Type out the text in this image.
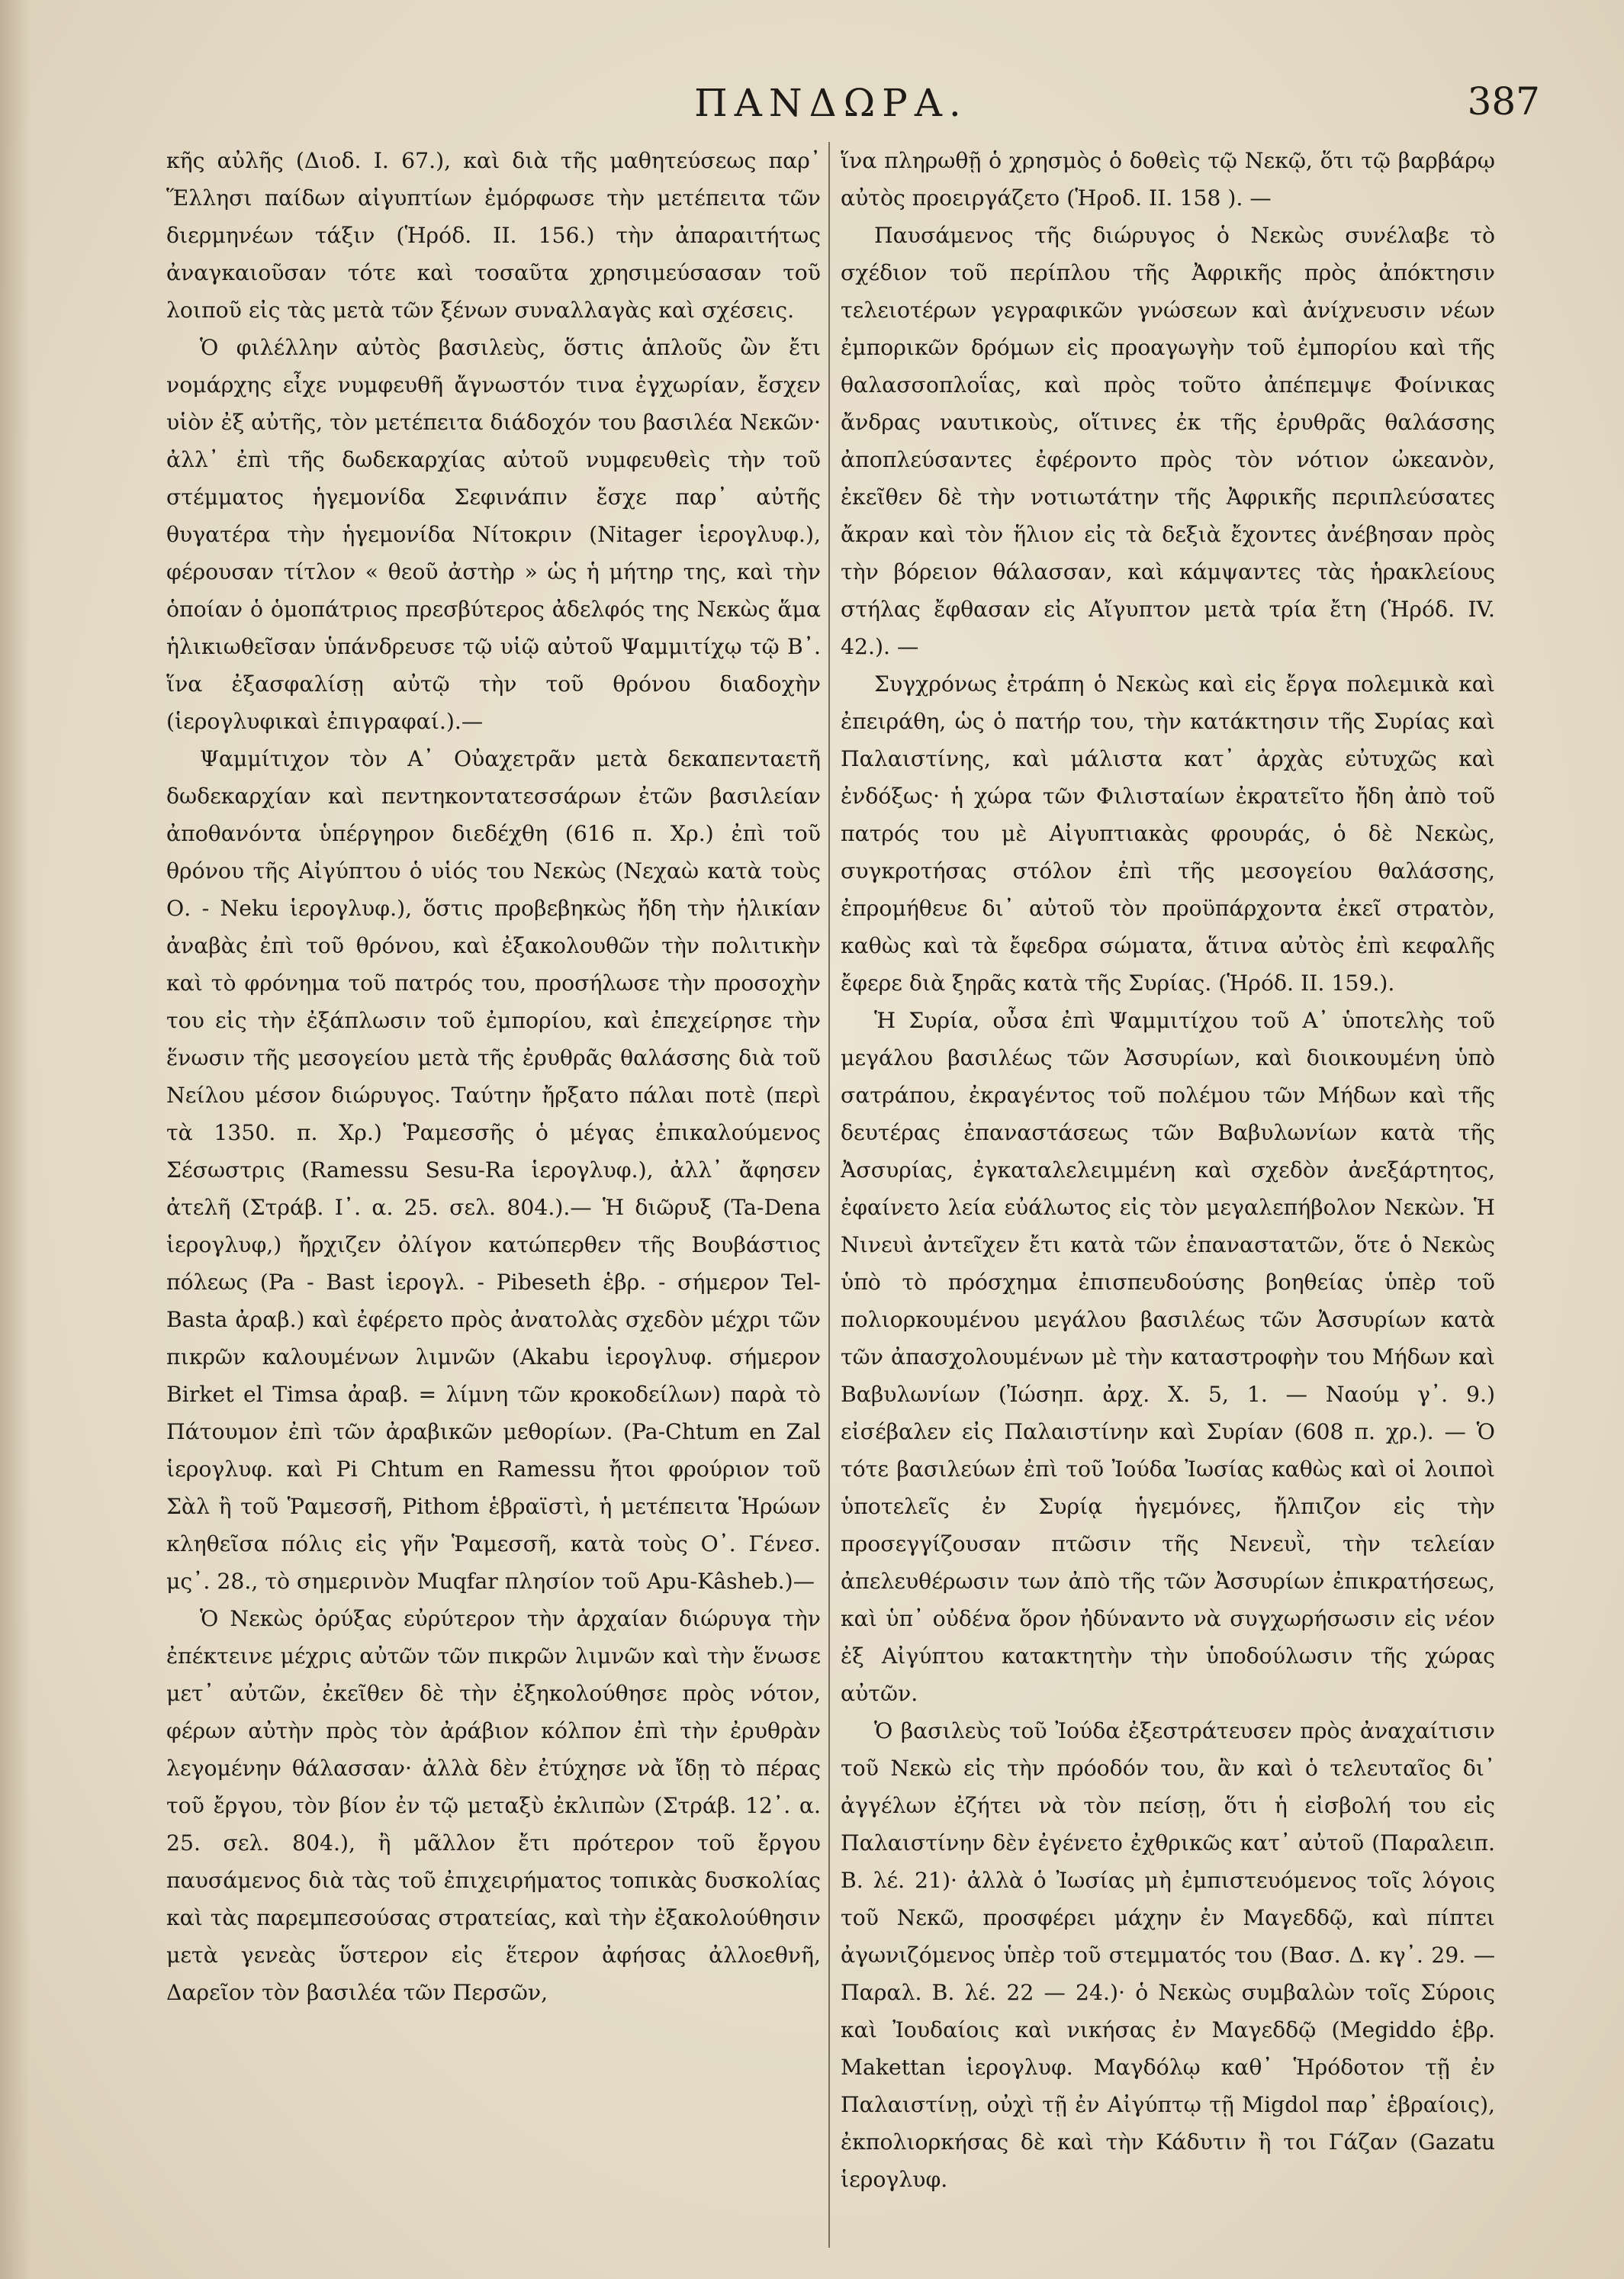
ΠΑΝΔΩΡΑ.	387

κῆς αὐλῆς (Διοδ. Ι. 67.), καὶ διὰ τῆς μαθητεύσεως παρ᾽ Ἕλλησι παίδων αἰγυπτίων ἐμόρφωσε τὴν μετέπειτα τῶν διερμηνέων τάξιν (Ἡρόδ. ΙΙ. 156.) τὴν ἀπαραιτήτως ἀναγκαιοῦσαν τότε καὶ τοσαῦτα χρησιμεύσασαν τοῦ λοιποῦ εἰς τὰς μετὰ τῶν ξένων συναλλαγὰς καὶ σχέσεις.

Ὁ φιλέλλην αὐτὸς βασιλεὺς, ὅστις ἁπλοῦς ὢν ἔτι νομάρχης εἶχε νυμφευθῆ ἄγνωστόν τινα ἐγχωρίαν, ἔσχεν υἱὸν ἐξ αὐτῆς, τὸν μετέπειτα διάδοχόν του βασιλέα Νεκῶν· ἀλλ᾽ ἐπὶ τῆς δωδεκαρχίας αὐτοῦ νυμφευθεὶς τὴν τοῦ στέμματος ἡγεμονίδα Σεφινάπιν ἔσχε παρ᾽ αὐτῆς θυγατέρα τὴν ἡγεμονίδα Νίτοκριν (Nitager ἱερογλυφ.), φέρουσαν τίτλον « θεοῦ ἀστὴρ » ὡς ἡ μήτηρ της, καὶ τὴν ὁποίαν ὁ ὁμοπάτριος πρεσβύτερος ἀδελφός της Νεκὼς ἅμα ἡλικιωθεῖσαν ὑπάνδρευσε τῷ υἱῷ αὐτοῦ Ψαμμιτίχῳ τῷ Β᾽. ἵνα ἐξασφαλίσῃ αὐτῷ τὴν τοῦ θρόνου διαδοχὴν (ἱερογλυφικαὶ ἐπιγραφαί.).—

Ψαμμίτιχον τὸν Α᾽ Οὐαχετρᾶν μετὰ δεκαπενταετῆ δωδεκαρχίαν καὶ πεντηκοντατεσσάρων ἐτῶν βασιλείαν ἀποθανόντα ὑπέργηρον διεδέχθη (616 π. Χρ.) ἐπὶ τοῦ θρόνου τῆς Αἰγύπτου ὁ υἱός του Νεκὼς (Νεχαὼ κατὰ τοὺς Ο. - Neku ἱερογλυφ.), ὅστις προβεβηκὼς ἤδη τὴν ἡλικίαν ἀναβὰς ἐπὶ τοῦ θρόνου, καὶ ἐξακολουθῶν τὴν πολιτικὴν καὶ τὸ φρόνημα τοῦ πατρός του, προσήλωσε τὴν προσοχὴν του εἰς τὴν ἐξάπλωσιν τοῦ ἐμπορίου, καὶ ἐπεχείρησε τὴν ἕνωσιν τῆς μεσογείου μετὰ τῆς ἐρυθρᾶς θαλάσσης διὰ τοῦ Νείλου μέσον διώρυγος. Ταύτην ἤρξατο πάλαι ποτὲ (περὶ τὰ 1350. π. Χρ.) Ῥαμεσσῆς ὁ μέγας ἐπικαλούμενος Σέσωστρις (Ramessu Sesu-Ra ἱερογλυφ.), ἀλλ᾽ ἄφησεν ἀτελῆ (Στράβ. Ι᾽. α. 25. σελ. 804.).— Ἡ διῶρυξ (Ta-Dena ἱερογλυφ,) ἤρχιζεν ὀλίγον κατώπερθεν τῆς Βουβάστιος πόλεως (Pa - Bast ἱερογλ. - Pibeseth ἑβρ. - σήμερον Tel-Basta ἀραβ.) καὶ ἐφέρετο πρὸς ἀνατολὰς σχεδὸν μέχρι τῶν πικρῶν καλουμένων λιμνῶν (Akabu ἱερογλυφ. σήμερον Birket el Timsa ἀραβ. = λίμνη τῶν κροκοδείλων) παρὰ τὸ Πάτουμον ἐπὶ τῶν ἀραβικῶν μεθορίων. (Pa-Chtum en Zal ἱερογλυφ. καὶ Pi Chtum en Ramessu ἤτοι φρούριον τοῦ Σὰλ ἢ τοῦ Ῥαμεσσῆ, Pithom ἑβραϊστὶ, ἡ μετέπειτα Ἡρώων κληθεῖσα πόλις εἰς γῆν Ῥαμεσσῆ, κατὰ τοὺς Ο᾽. Γένεσ. μς᾽. 28., τὸ σημερινὸν Muqfar πλησίον τοῦ Apu-Kâsheb.)—

Ὁ Νεκὼς ὀρύξας εὐρύτερον τὴν ἀρχαίαν διώρυγα τὴν ἐπέκτεινε μέχρις αὐτῶν τῶν πικρῶν λιμνῶν καὶ τὴν ἕνωσε μετ᾽ αὐτῶν, ἐκεῖθεν δὲ τὴν ἐξηκολούθησε πρὸς νότον, φέρων αὐτὴν πρὸς τὸν ἀράβιον κόλπον ἐπὶ τὴν ἐρυθρὰν λεγομένην θάλασσαν· ἀλλὰ δὲν ἐτύχησε νὰ ἴδῃ τὸ πέρας τοῦ ἔργου, τὸν βίον ἐν τῷ μεταξὺ ἐκλιπὼν (Στράβ. 12᾽. α. 25. σελ. 804.), ἢ μᾶλλον ἔτι πρότερον τοῦ ἔργου παυσάμενος διὰ τὰς τοῦ ἐπιχειρήματος τοπικὰς δυσκολίας καὶ τὰς παρεμπεσούσας στρατείας, καὶ τὴν ἐξακολούθησιν μετὰ γενεὰς ὕστερον εἰς ἕτερον ἀφήσας ἀλλοεθνῆ, Δαρεῖον τὸν βασιλέα τῶν Περσῶν,

ἵνα πληρωθῇ ὁ χρησμὸς ὁ δοθεὶς τῷ Νεκῷ, ὅτι τῷ βαρβάρῳ αὐτὸς προειργάζετο (Ἡροδ. ΙΙ. 158 ). —

Παυσάμενος τῆς διώρυγος ὁ Νεκὼς συνέλαβε τὸ σχέδιον τοῦ περίπλου τῆς Ἀφρικῆς πρὸς ἀπόκτησιν τελειοτέρων γεγραφικῶν γνώσεων καὶ ἀνίχνευσιν νέων ἐμπορικῶν δρόμων εἰς προαγωγὴν τοῦ ἐμπορίου καὶ τῆς θαλασσοπλοΐας, καὶ πρὸς τοῦτο ἀπέπεμψε Φοίνικας ἄνδρας ναυτικοὺς, οἵτινες ἐκ τῆς ἐρυθρᾶς θαλάσσης ἀποπλεύσαντες ἐφέροντο πρὸς τὸν νότιον ὠκεανὸν, ἐκεῖθεν δὲ τὴν νοτιωτάτην τῆς Ἀφρικῆς περιπλεύσατες ἄκραν καὶ τὸν ἥλιον εἰς τὰ δεξιὰ ἔχοντες ἀνέβησαν πρὸς τὴν βόρειον θάλασσαν, καὶ κάμψαντες τὰς ἡρακλείους στήλας ἔφθασαν εἰς Αἴγυπτον μετὰ τρία ἔτη (Ἡρόδ. IV. 42.). —

Συγχρόνως ἐτράπη ὁ Νεκὼς καὶ εἰς ἔργα πολεμικὰ καὶ ἐπειράθη, ὡς ὁ πατήρ του, τὴν κατάκτησιν τῆς Συρίας καὶ Παλαιστίνης, καὶ μάλιστα κατ᾽ ἀρχὰς εὐτυχῶς καὶ ἐνδόξως· ἡ χώρα τῶν Φιλισταίων ἐκρατεῖτο ἤδη ἀπὸ τοῦ πατρός του μὲ Αἰγυπτιακὰς φρουράς, ὁ δὲ Νεκὼς, συγκροτήσας στόλον ἐπὶ τῆς μεσογείου θαλάσσης, ἐπρομήθευε δι᾽ αὐτοῦ τὸν προϋπάρχοντα ἐκεῖ στρατὸν, καθὼς καὶ τὰ ἔφεδρα σώματα, ἅτινα αὐτὸς ἐπὶ κεφαλῆς ἔφερε διὰ ξηρᾶς κατὰ τῆς Συρίας. (Ἡρόδ. ΙΙ. 159.).

Ἡ Συρία, οὖσα ἐπὶ Ψαμμιτίχου τοῦ Α᾽ ὑποτελὴς τοῦ μεγάλου βασιλέως τῶν Ἀσσυρίων, καὶ διοικουμένη ὑπὸ σατράπου, ἐκραγέντος τοῦ πολέμου τῶν Μήδων καὶ τῆς δευτέρας ἐπαναστάσεως τῶν Βαβυλωνίων κατὰ τῆς Ἀσσυρίας, ἐγκαταλελειμμένη καὶ σχεδὸν ἀνεξάρτητος, ἐφαίνετο λεία εὐάλωτος εἰς τὸν μεγαλεπήβολον Νεκὼν. Ἡ Νινευὶ ἀντεῖχεν ἔτι κατὰ τῶν ἐπαναστατῶν, ὅτε ὁ Νεκὼς ὑπὸ τὸ πρόσχημα ἐπισπευδούσης βοηθείας ὑπὲρ τοῦ πολιορκουμένου μεγάλου βασιλέως τῶν Ἀσσυρίων κατὰ τῶν ἀπασχολουμένων μὲ τὴν καταστροφὴν του Μήδων καὶ Βαβυλωνίων (Ἰώσηπ. ἀρχ. Χ. 5, 1. — Ναούμ γ᾽. 9.) εἰσέβαλεν εἰς Παλαιστίνην καὶ Συρίαν (608 π. χρ.). — Ὁ τότε βασιλεύων ἐπὶ τοῦ Ἰούδα Ἰωσίας καθὼς καὶ οἱ λοιποὶ ὑποτελεῖς ἐν Συρίᾳ ἡγεμόνες, ἤλπιζον εἰς τὴν προσεγγίζουσαν πτῶσιν τῆς Νενευῒ, τὴν τελείαν ἀπελευθέρωσιν των ἀπὸ τῆς τῶν Ἀσσυρίων ἐπικρατήσεως, καὶ ὑπ᾽ οὐδένα ὅρον ἠδύναντο νὰ συγχωρήσωσιν εἰς νέον ἐξ Αἰγύπτου κατακτητὴν τὴν ὑποδούλωσιν τῆς χώρας αὐτῶν.

Ὁ βασιλεὺς τοῦ Ἰούδα ἐξεστράτευσεν πρὸς ἀναχαίτισιν τοῦ Νεκὼ εἰς τὴν πρόοδόν του, ἂν καὶ ὁ τελευταῖος δι᾽ ἀγγέλων ἐζήτει νὰ τὸν πείσῃ, ὅτι ἡ εἰσβολή του εἰς Παλαιστίνην δὲν ἐγένετο ἐχθρικῶς κατ᾽ αὐτοῦ (Παραλειπ. Β. λέ. 21)· ἀλλὰ ὁ Ἰωσίας μὴ ἐμπιστευόμενος τοῖς λόγοις τοῦ Νεκῶ, προσφέρει μάχην ἐν Μαγεδδῷ, καὶ πίπτει ἀγωνιζόμενος ὑπὲρ τοῦ στεμματός του (Βασ. Δ. κγ᾽. 29. — Παραλ. Β. λέ. 22 — 24.)· ὁ Νεκὼς συμβαλὼν τοῖς Σύροις καὶ Ἰουδαίοις καὶ νικήσας ἐν Μαγεδδῷ (Megiddo ἑβρ. Makettan ἱερογλυφ. Μαγδόλῳ καθ᾽ Ἡρόδοτον τῇ ἐν Παλαιστίνῃ, οὐχὶ τῇ ἐν Αἰγύπτῳ τῇ Migdol παρ᾽ ἑβραίοις), ἐκπολιορκήσας δὲ καὶ τὴν Κάδυτιν ἢ τοι Γάζαν (Gazatu ἱερογλυφ.
